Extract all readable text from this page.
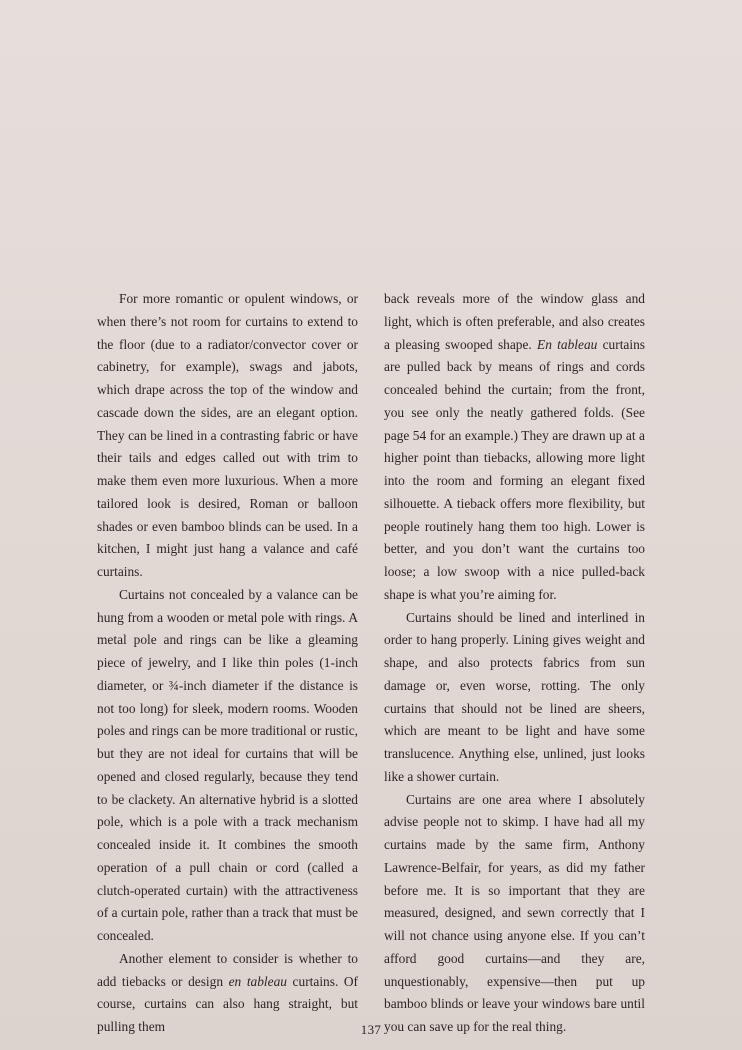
For more romantic or opulent windows, or when there’s not room for curtains to extend to the floor (due to a radiator/convector cover or cabinetry, for example), swags and jabots, which drape across the top of the window and cascade down the sides, are an elegant option. They can be lined in a contrasting fabric or have their tails and edges called out with trim to make them even more luxurious. When a more tailored look is desired, Roman or balloon shades or even bamboo blinds can be used. In a kitchen, I might just hang a valance and café curtains.

Curtains not concealed by a valance can be hung from a wooden or metal pole with rings. A metal pole and rings can be like a gleaming piece of jewelry, and I like thin poles (1-inch diameter, or ¾-inch diameter if the distance is not too long) for sleek, modern rooms. Wooden poles and rings can be more traditional or rustic, but they are not ideal for curtains that will be opened and closed regularly, because they tend to be clackety. An alternative hybrid is a slotted pole, which is a pole with a track mechanism concealed inside it. It combines the smooth operation of a pull chain or cord (called a clutch-operated curtain) with the attractiveness of a curtain pole, rather than a track that must be concealed.

Another element to consider is whether to add tiebacks or design en tableau curtains. Of course, curtains can also hang straight, but pulling them

back reveals more of the window glass and light, which is often preferable, and also creates a pleasing swooped shape. En tableau curtains are pulled back by means of rings and cords concealed behind the curtain; from the front, you see only the neatly gathered folds. (See page 54 for an example.) They are drawn up at a higher point than tiebacks, allowing more light into the room and forming an elegant fixed silhouette. A tieback offers more flexibility, but people routinely hang them too high. Lower is better, and you don’t want the curtains too loose; a low swoop with a nice pulled-back shape is what you’re aiming for.

Curtains should be lined and interlined in order to hang properly. Lining gives weight and shape, and also protects fabrics from sun damage or, even worse, rotting. The only curtains that should not be lined are sheers, which are meant to be light and have some translucence. Anything else, unlined, just looks like a shower curtain.

Curtains are one area where I absolutely advise people not to skimp. I have had all my curtains made by the same firm, Anthony Lawrence-Belfair, for years, as did my father before me. It is so important that they are measured, designed, and sewn correctly that I will not chance using anyone else. If you can’t afford good curtains—and they are, unquestionably, expensive—then put up bamboo blinds or leave your windows bare until you can save up for the real thing.

137
